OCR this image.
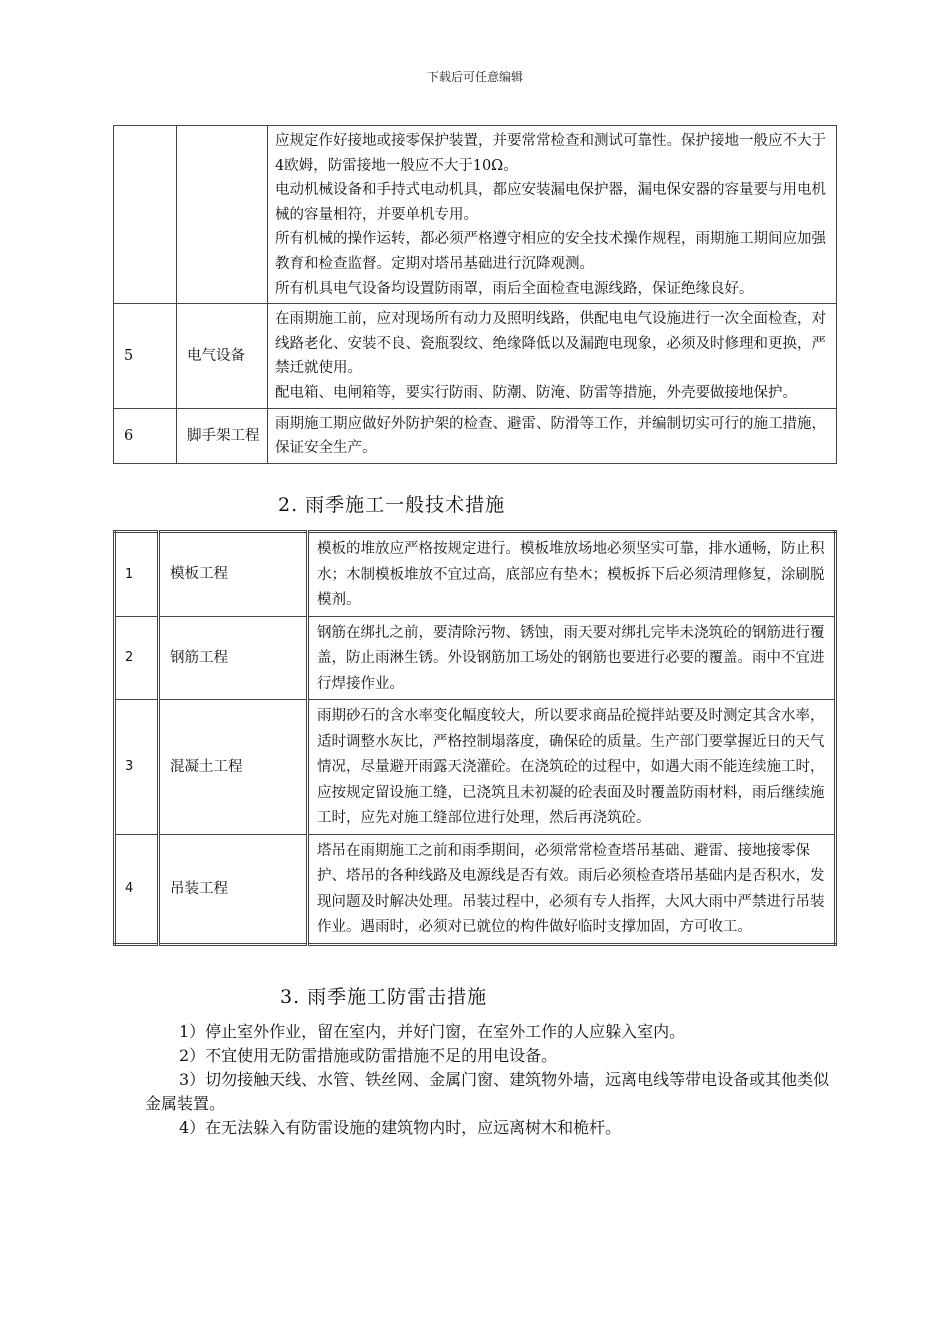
下载后可任意编辑

		应规定作好接地或接零保护装置，并要常常检查和测试可靠性。保护接地一般应不大于4欧姆，防雷接地一般应不大于10Ω。

电动机械设备和手持式电动机具，都应安装漏电保护器，漏电保安器的容量要与用电机械的容量相符，并要单机专用。

所有机械的操作运转，都必须严格遵守相应的安全技术操作规程，雨期施工期间应加强教育和检查监督。定期对塔吊基础进行沉降观测。

所有机具电气设备均设置防雨罩，雨后全面检查电源线路，保证绝缘良好。

5	电气设备	在雨期施工前，应对现场所有动力及照明线路，供配电电气设施进行一次全面检查，对线路老化、安装不良、瓷瓶裂纹、绝缘降低以及漏跑电现象，必须及时修理和更换，严禁迁就使用。

配电箱、电闸箱等，要实行防雨、防潮、防淹、防雷等措施，外壳要做接地保护。

6	脚手架工程	雨期施工期应做好外防护架的检查、避雷、防滑等工作，并编制切实可行的施工措施，保证安全生产。

2. 雨季施工一般技术措施
1	模板工程	模板的堆放应严格按规定进行。模板堆放场地必须坚实可靠，排水通畅，防止积水；木制模板堆放不宜过高，底部应有垫木；模板拆下后必须清理修复，涂刷脱模剂。
2	钢筋工程	钢筋在绑扎之前，要清除污物、锈蚀，雨天要对绑扎完毕未浇筑砼的钢筋进行覆盖，防止雨淋生锈。外设钢筋加工场处的钢筋也要进行必要的覆盖。雨中不宜进行焊接作业。
3	混凝土工程	雨期砂石的含水率变化幅度较大，所以要求商品砼搅拌站要及时测定其含水率，适时调整水灰比，严格控制塌落度，确保砼的质量。生产部门要掌握近日的天气情况，尽量避开雨露天浇灌砼。在浇筑砼的过程中，如遇大雨不能连续施工时，应按规定留设施工缝，已浇筑且未初凝的砼表面及时覆盖防雨材料，雨后继续施工时，应先对施工缝部位进行处理，然后再浇筑砼。
4	吊装工程	塔吊在雨期施工之前和雨季期间，必须常常检查塔吊基础、避雷、接地接零保护、塔吊的各种线路及电源线是否有效。雨后必须检查塔吊基础内是否积水，发现问题及时解决处理。吊装过程中，必须有专人指挥，大风大雨中严禁进行吊装作业。遇雨时，必须对已就位的构件做好临时支撑加固，方可收工。
3. 雨季施工防雷击措施

1）停止室外作业，留在室内，并好门窗，在室外工作的人应躲入室内。

2）不宜使用无防雷措施或防雷措施不足的用电设备。

3）切勿接触天线、水管、铁丝网、金属门窗、建筑物外墙，远离电线等带电设备或其他类似金属装置。

4）在无法躲入有防雷设施的建筑物内时，应远离树木和桅杆。
